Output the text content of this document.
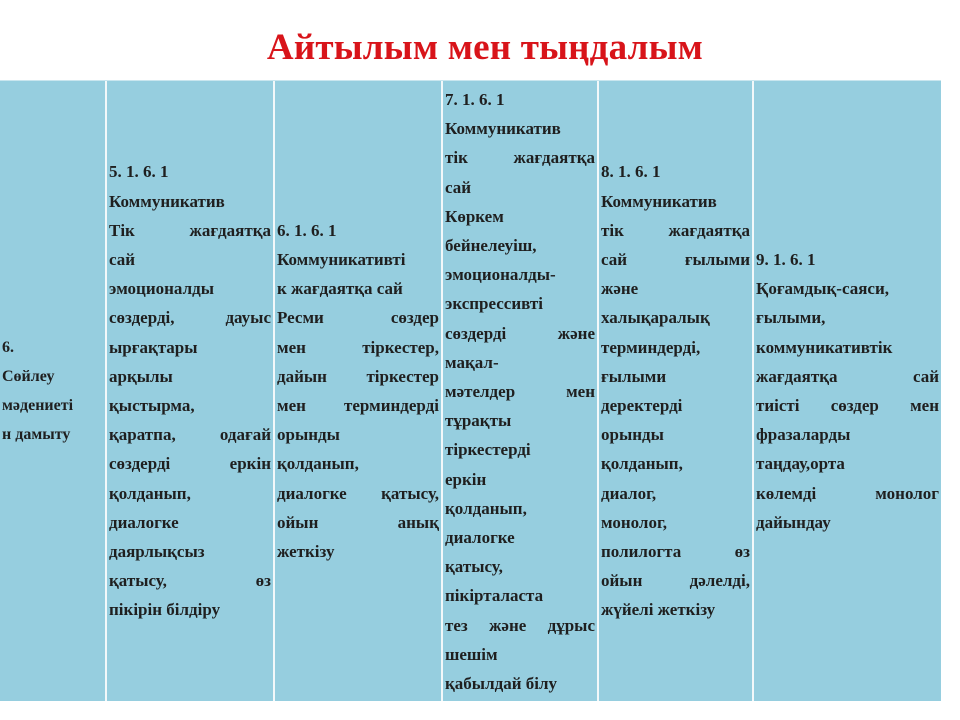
Айтылым мен тыңдалым
6.
Сөйлеу
мәдениеті
н дамыту
5. 1. 6. 1
Коммуникатив
Тік жағдаятқа
сай
эмоционалды
сөздерді, дауыс
ырғақтары
арқылы
қыстырма,
қаратпа, одағай
сөздерді еркін
қолданып,
диалогке
даярлықсыз
қатысу, өз
пікірін білдіру
6. 1. 6. 1
Коммуникативті
к жағдаятқа сай
Ресми сөздер
мен тіркестер,
дайын тіркестер
мен терминдерді
орынды
қолданып,
диалогке қатысу,
ойын анық
жеткізу
7. 1. 6. 1
Коммуникатив
тік жағдаятқа
сай
Көркем
бейнелеуіш,
эмоционалды-
экспрессивті
сөздерді және
мақал-
мәтелдер мен
тұрақты
тіркестерді
еркін
қолданып,
диалогке
қатысу,
пікірталаста
тез және дұрыс
шешім
қабылдай білу
8. 1. 6. 1
Коммуникатив
тік жағдаятқа
сай ғылыми
және
халықаралық
терминдерді,
ғылыми
деректерді
орынды
қолданып,
диалог,
монолог,
полилогта өз
ойын дәлелді,
жүйелі жеткізу
9. 1. 6. 1
Қоғамдық-саяси,
ғылыми,
коммуникативтік
жағдаятқа сай
тиісті сөздер мен
фразаларды
таңдау,орта
көлемді монолог
дайындау
